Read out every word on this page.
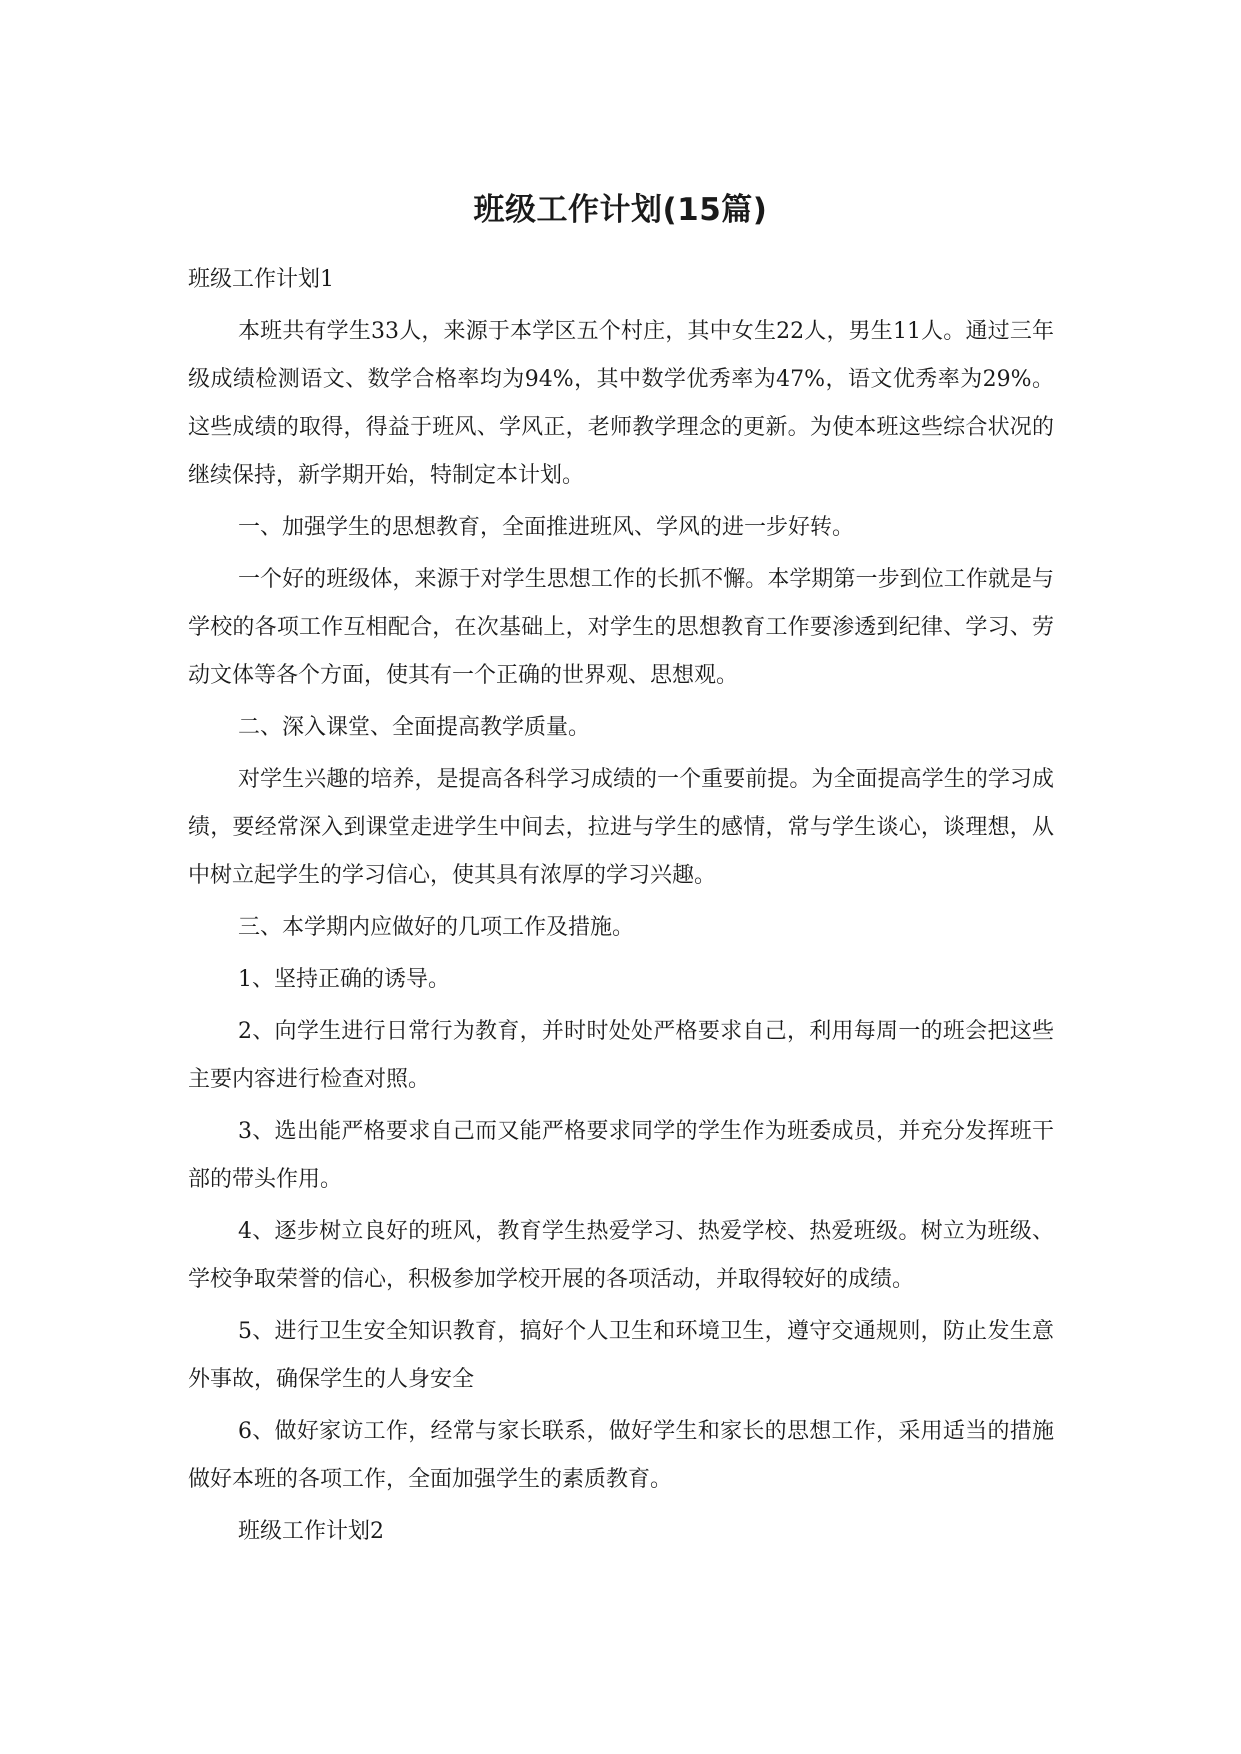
班级工作计划(15篇)

班级工作计划1

本班共有学生33人，来源于本学区五个村庄，其中女生22人，男生11人。通过三年级成绩检测语文、数学合格率均为94%，其中数学优秀率为47%，语文优秀率为29%。这些成绩的取得，得益于班风、学风正，老师教学理念的更新。为使本班这些综合状况的继续保持，新学期开始，特制定本计划。

一、加强学生的思想教育，全面推进班风、学风的进一步好转。

一个好的班级体，来源于对学生思想工作的长抓不懈。本学期第一步到位工作就是与学校的各项工作互相配合，在次基础上，对学生的思想教育工作要渗透到纪律、学习、劳动文体等各个方面，使其有一个正确的世界观、思想观。

二、深入课堂、全面提高教学质量。

对学生兴趣的培养，是提高各科学习成绩的一个重要前提。为全面提高学生的学习成绩，要经常深入到课堂走进学生中间去，拉进与学生的感情，常与学生谈心，谈理想，从中树立起学生的学习信心，使其具有浓厚的学习兴趣。

三、本学期内应做好的几项工作及措施。

1、坚持正确的诱导。

2、向学生进行日常行为教育，并时时处处严格要求自己，利用每周一的班会把这些主要内容进行检查对照。

3、选出能严格要求自己而又能严格要求同学的学生作为班委成员，并充分发挥班干部的带头作用。

4、逐步树立良好的班风，教育学生热爱学习、热爱学校、热爱班级。树立为班级、学校争取荣誉的信心，积极参加学校开展的各项活动，并取得较好的成绩。

5、进行卫生安全知识教育，搞好个人卫生和环境卫生，遵守交通规则，防止发生意外事故，确保学生的人身安全

6、做好家访工作，经常与家长联系，做好学生和家长的思想工作，采用适当的措施做好本班的各项工作，全面加强学生的素质教育。

班级工作计划2
